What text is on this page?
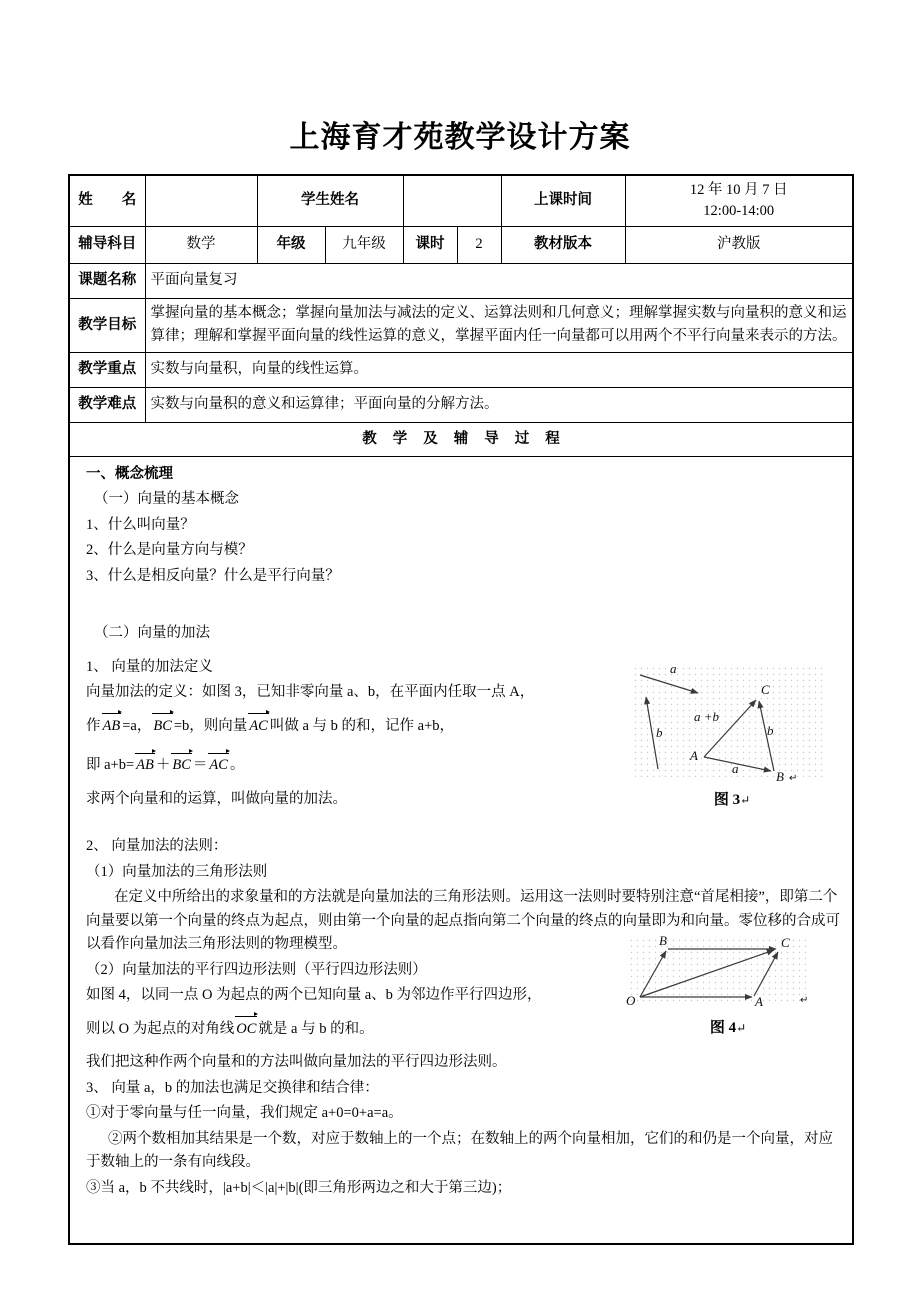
上海育才苑教学设计方案
姓　　名		学生姓名				上课时间	12 年 10 月 7 日
12:00-14:00

辅导科目	数学	年级	九年级	课时	2	教材版本	沪教版
课题名称	平面向量复习						
教学目标	掌握向量的基本概念；掌握向量加法与减法的定义、运算法则和几何意义；理解掌握实数与向量积的意义和运算律；理解和掌握平面向量的线性运算的意义，掌握平面内任一向量都可以用两个不平行向量来表示的方法。						
教学重点	实数与向量积，向量的线性运算。						
教学难点	实数与向量积的意义和运算律；平面向量的分解方法。						
教学及辅导过程							

一、概念梳理

（一）向量的基本概念

1、什么叫向量？

2、什么是向量方向与模？

3、什么是相反向量？什么是平行向量？

（二）向量的加法

1、 向量的加法定义

向量加法的定义：如图 3，已知非零向量 a、b，在平面内任取一点 A，

作 AB =a， BC =b，则向量 AC 叫做 a 与 b 的和，记作 a+b，

即 a+b= AB ＋ BC ＝ AC 。

求两个向量和的运算，叫做向量的加法。

2、 向量加法的法则：

（1）向量加法的三角形法则

在定义中所给出的求象量和的方法就是向量加法的三角形法则。运用这一法则时要特别注意“首尾相接”，即第二个向量要以第一个向量的终点为起点，则由第一个向量的起点指向第二个向量的终点的向量即为和向量。零位移的合成可以看作向量加法三角形法则的物理模型。

（2）向量加法的平行四边形法则（平行四边形法则）

如图 4，以同一点 O 为起点的两个已知向量 a、b 为邻边作平行四边形，

则以 O 为起点的对角线 OC 就是 a 与 b 的和。

我们把这种作两个向量和的方法叫做向量加法的平行四边形法则。

3、 向量 a，b 的加法也满足交换律和结合律：

①对于零向量与任一向量，我们规定 a+0=0+a=a。

②两个数相加其结果是一个数，对应于数轴上的一个点；在数轴上的两个向量相加，它们的和仍是一个向量，对应于数轴上的一条有向线段。

③当 a，b 不共线时，|a+b|＜|a|+|b|(即三角形两边之和大于第三边)；

a
b
a +b
b
a
A
B ↵
C
图 3↵
O	A
B	C
↵
图 4↵
